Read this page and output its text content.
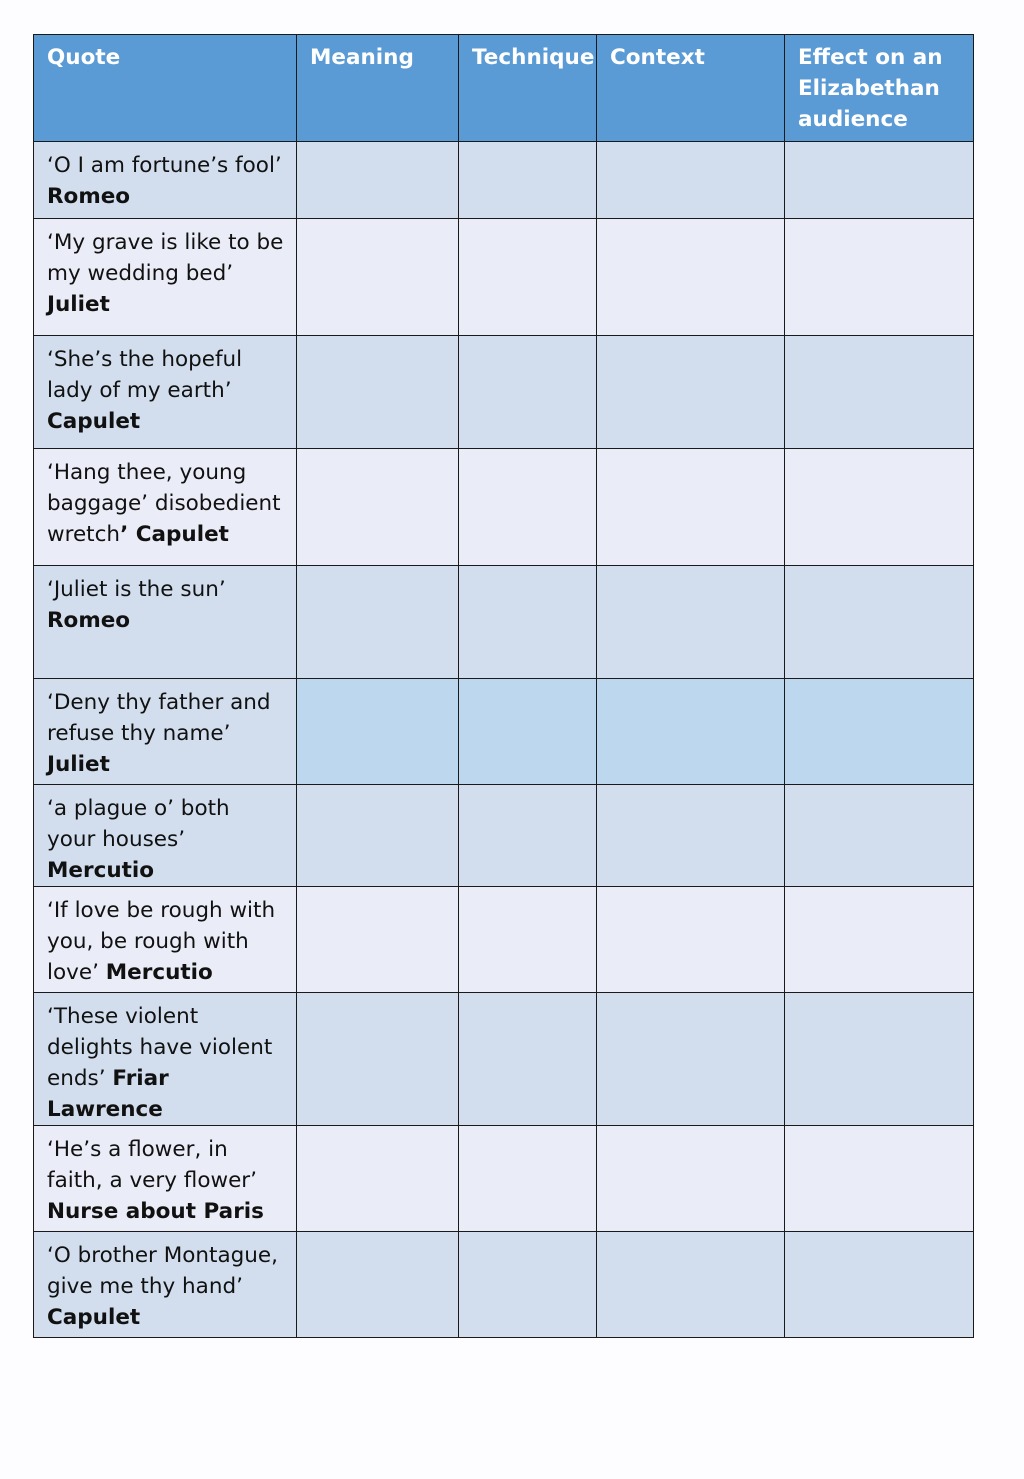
Quote	Meaning	Technique	Context	Effect on an Elizabethan audience
‘O I am fortune’s fool’ Romeo				
‘My grave is like to be my wedding bed’ Juliet				
‘She’s the hopeful lady of my earth’ Capulet				
‘Hang thee, young baggage’ disobedient wretch’ Capulet				
‘Juliet is the sun’ Romeo				
‘Deny thy father and refuse thy name’ Juliet				
‘a plague o’ both your houses’ Mercutio				
‘If love be rough with you, be rough with love’ Mercutio				
‘These violent delights have violent ends’ Friar Lawrence				
‘He’s a flower, in faith, a very flower’ Nurse about Paris				
‘O brother Montague, give me thy hand’ Capulet				
